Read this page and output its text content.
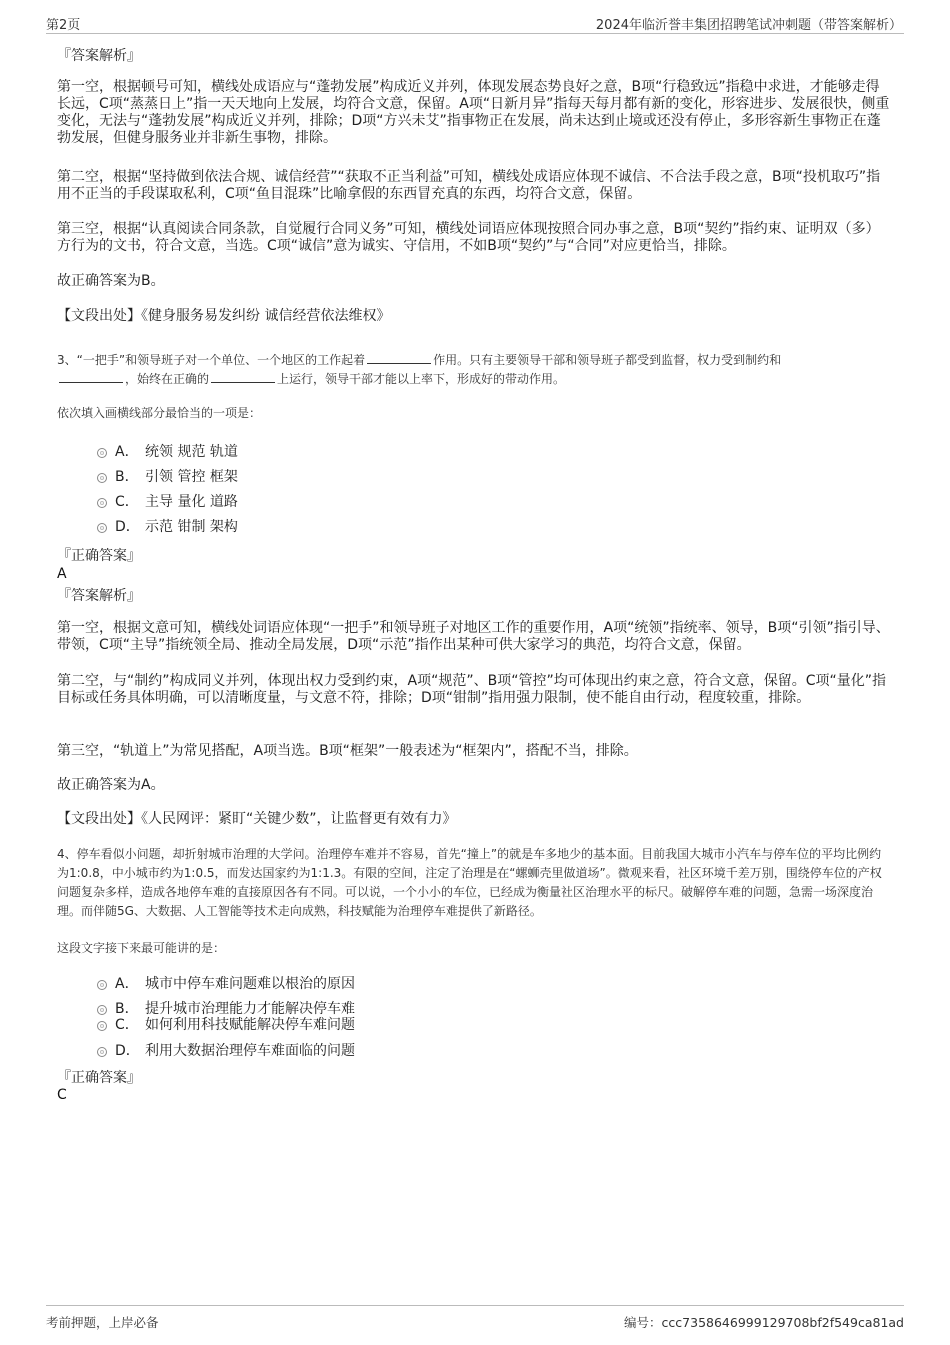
第2页	2024年临沂誉丰集团招聘笔试冲刺题（带答案解析）
『答案解析』

第一空，根据顿号可知，横线处成语应与“蓬勃发展”构成近义并列，体现发展态势良好之意，B项“行稳致远”指稳中求进，才能够走得长远，C项“蒸蒸日上”指一天天地向上发展，均符合文意，保留。A项“日新月异”指每天每月都有新的变化，形容进步、发展很快，侧重变化，无法与“蓬勃发展”构成近义并列，排除；D项“方兴未艾”指事物正在发展，尚未达到止境或还没有停止，多形容新生事物正在蓬勃发展，但健身服务业并非新生事物，排除。

第二空，根据“坚持做到依法合规、诚信经营”“获取不正当利益”可知，横线处成语应体现不诚信、不合法手段之意，B项“投机取巧”指用不正当的手段谋取私利，C项“鱼目混珠”比喻拿假的东西冒充真的东西，均符合文意，保留。

第三空，根据“认真阅读合同条款，自觉履行合同义务”可知，横线处词语应体现按照合同办事之意，B项“契约”指约束、证明双（多）方行为的文书，符合文意，当选。C项“诚信”意为诚实、守信用，不如B项“契约”与“合同”对应更恰当，排除。

故正确答案为B。

【文段出处】《健身服务易发纠纷 诚信经营依法维权》

3、“一把手”和领导班子对一个单位、一个地区的工作起着	作用。只有主要领导干部和领导班子都受到监督，权力受到制约和
，始终在正确的	上运行，领导干部才能以上率下，形成好的带动作用。

依次填入画横线部分最恰当的一项是：
A． 统领 规范 轨道
B． 引领 管控 框架
C． 主导 量化 道路
D． 示范 钳制 架构
『正确答案』
A
『答案解析』

第一空，根据文意可知，横线处词语应体现“一把手”和领导班子对地区工作的重要作用，A项“统领”指统率、领导，B项“引领”指引导、带领，C项“主导”指统领全局、推动全局发展，D项“示范”指作出某种可供大家学习的典范，均符合文意，保留。

第二空，与“制约”构成同义并列，体现出权力受到约束，A项“规范”、B项“管控”均可体现出约束之意，符合文意，保留。C项“量化”指目标或任务具体明确，可以清晰度量，与文意不符，排除；D项“钳制”指用强力限制，使不能自由行动，程度较重，排除。

第三空，“轨道上”为常见搭配，A项当选。B项“框架”一般表述为“框架内”，搭配不当，排除。

故正确答案为A。

【文段出处】《人民网评：紧盯“关键少数”，让监督更有效有力》

4、停车看似小问题，却折射城市治理的大学问。治理停车难并不容易，首先“撞上”的就是车多地少的基本面。目前我国大城市小汽车与停车位的平均比例约为1:0.8，中小城市约为1:0.5，而发达国家约为1:1.3。有限的空间，注定了治理是在“螺蛳壳里做道场”。微观来看，社区环境千差万别，围绕停车位的产权问题复杂多样，造成各地停车难的直接原因各有不同。可以说，一个小小的车位，已经成为衡量社区治理水平的标尺。破解停车难的问题，急需一场深度治理。而伴随5G、大数据、人工智能等技术走向成熟，科技赋能为治理停车难提供了新路径。

这段文字接下来最可能讲的是：
A． 城市中停车难问题难以根治的原因
B． 提升城市治理能力才能解决停车难
C． 如何利用科技赋能解决停车难问题
D． 利用大数据治理停车难面临的问题
『正确答案』
C
考前押题，上岸必备	编号：ccc7358646999129708bf2f549ca81ad
